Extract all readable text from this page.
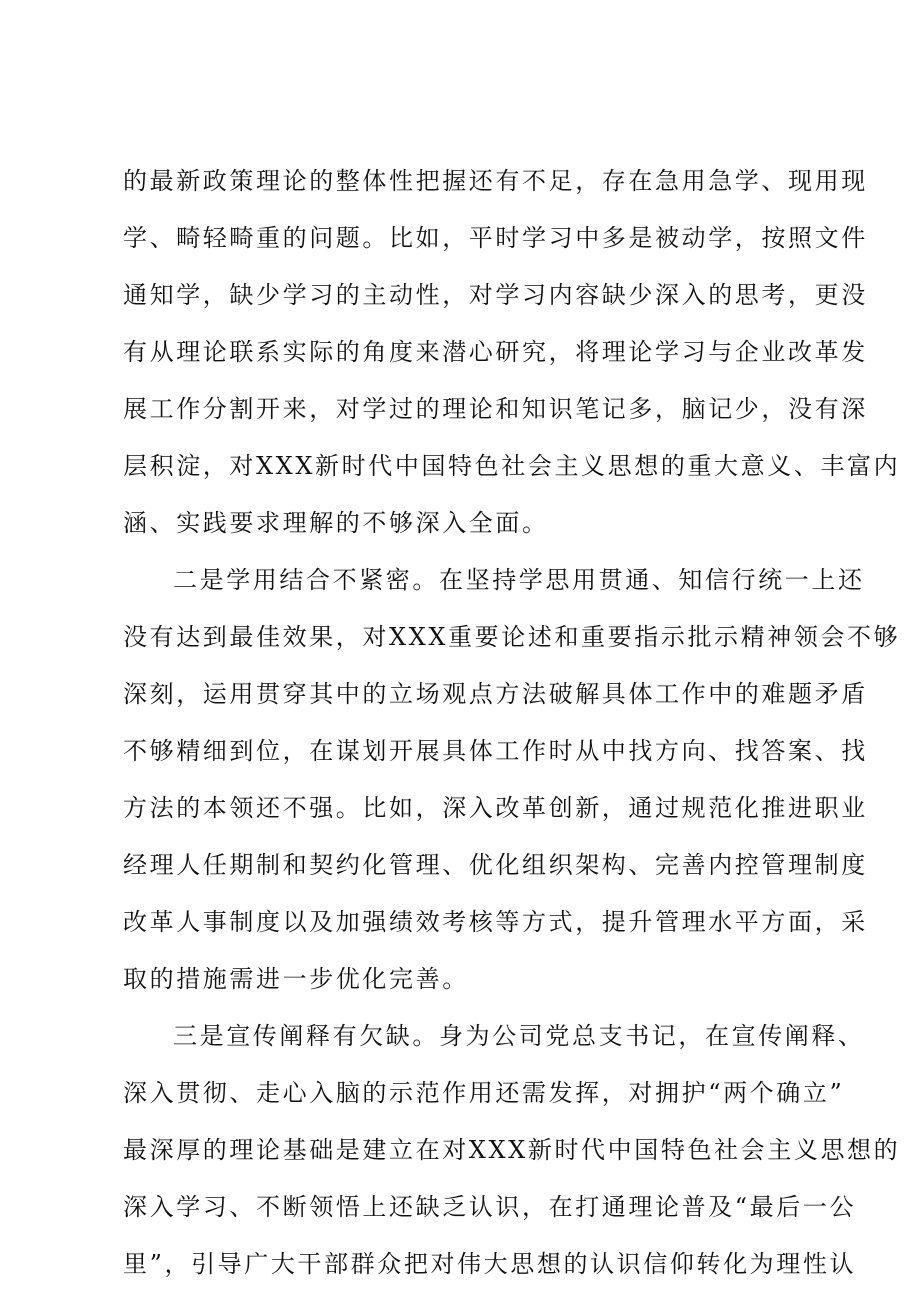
的最新政策理论的整体性把握还有不足，存在急用急学、现用现
学、畸轻畸重的问题。比如，平时学习中多是被动学，按照文件
通知学，缺少学习的主动性，对学习内容缺少深入的思考，更没
有从理论联系实际的角度来潜心研究，将理论学习与企业改革发
展工作分割开来，对学过的理论和知识笔记多，脑记少，没有深
层积淀，对XXX新时代中国特色社会主义思想的重大意义、丰富内
涵、实践要求理解的不够深入全面。
二是学用结合不紧密。在坚持学思用贯通、知信行统一上还
没有达到最佳效果，对XXX重要论述和重要指示批示精神领会不够
深刻，运用贯穿其中的立场观点方法破解具体工作中的难题矛盾
不够精细到位，在谋划开展具体工作时从中找方向、找答案、找
方法的本领还不强。比如，深入改革创新，通过规范化推进职业
经理人任期制和契约化管理、优化组织架构、完善内控管理制度
改革人事制度以及加强绩效考核等方式，提升管理水平方面，采
取的措施需进一步优化完善。
三是宣传阐释有欠缺。身为公司党总支书记，在宣传阐释、
深入贯彻、走心入脑的示范作用还需发挥，对拥护“两个确立”
最深厚的理论基础是建立在对XXX新时代中国特色社会主义思想的
深入学习、不断领悟上还缺乏认识，在打通理论普及“最后一公
里”，引导广大干部群众把对伟大思想的认识信仰转化为理性认
